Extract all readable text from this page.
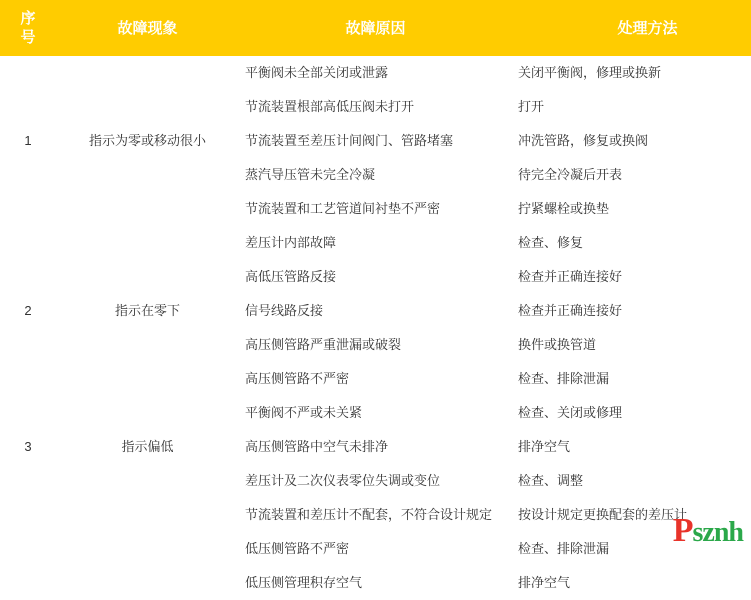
序
号	故障现象	故障原因	处理方法
		平衡阀未全部关闭或泄露	关闭平衡阀，修理或换新
		节流装置根部高低压阀未打开	打开
1	指示为零或移动很小	节流装置至差压计间阀门、管路堵塞	冲洗管路，修复或换阀
		蒸汽导压管未完全冷凝	待完全冷凝后开表
		节流装置和工艺管道间衬垫不严密	拧紧螺栓或换垫
		差压计内部故障	检查、修复
		高低压管路反接	检查并正确连接好
2	指示在零下	信号线路反接	检查并正确连接好
		高压侧管路严重泄漏或破裂	换件或换管道
		高压侧管路不严密	检查、排除泄漏
		平衡阀不严或未关紧	检查、关闭或修理
3	指示偏低	高压侧管路中空气未排净	排净空气
		差压计及二次仪表零位失调或变位	检查、调整
		节流装置和差压计不配套，不符合设计规定	按设计规定更换配套的差压计
		低压侧管路不严密	检查、排除泄漏
		低压侧管理积存空气	排净空气
Psznh
